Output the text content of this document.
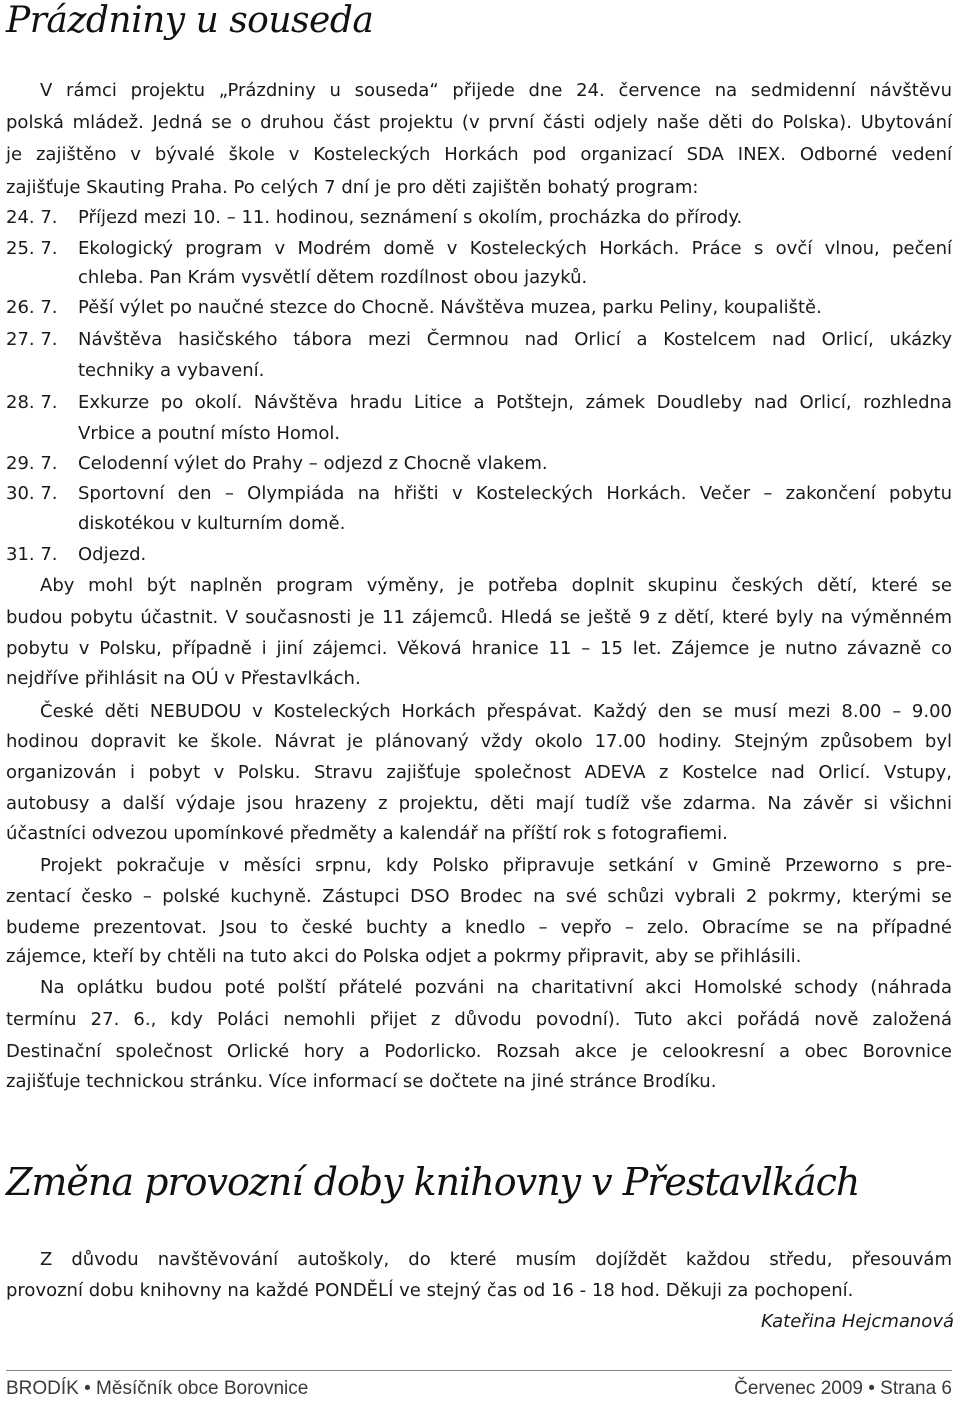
Prázdniny u souseda
V rámci projektu „Prázdniny u souseda“ přijede dne 24. července na sedmidenní návštěvu
polská mládež. Jedná se o druhou část projektu (v první části odjely naše děti do Polska). Ubytování
je zajištěno v bývalé škole v Kosteleckých Horkách pod organizací SDA INEX. Odborné vedení
zajišťuje Skauting Praha. Po celých 7 dní je pro děti zajištěn bohatý program:
24. 7. Příjezd mezi 10. – 11. hodinou, seznámení s okolím, procházka do přírody.
25. 7. Ekologický program v Modrém domě v Kosteleckých Horkách. Práce s ovčí vlnou, pečení
chleba. Pan Krám vysvětlí dětem rozdílnost obou jazyků.
26. 7. Pěší výlet po naučné stezce do Chocně. Návštěva muzea, parku Peliny, koupaliště.
27. 7. Návštěva hasičského tábora mezi Čermnou nad Orlicí a Kostelcem nad Orlicí, ukázky
techniky a vybavení.
28. 7. Exkurze po okolí. Návštěva hradu Litice a Potštejn, zámek Doudleby nad Orlicí, rozhledna
Vrbice a poutní místo Homol.
29. 7. Celodenní výlet do Prahy – odjezd z Chocně vlakem.
30. 7. Sportovní den – Olympiáda na hřišti v Kosteleckých Horkách. Večer – zakončení pobytu
diskotékou v kulturním domě.
31. 7. Odjezd.
Aby mohl být naplněn program výměny, je potřeba doplnit skupinu českých dětí, které se
budou pobytu účastnit. V současnosti je 11 zájemců. Hledá se ještě 9 z dětí, které byly na výměnném
pobytu v Polsku, případně i jiní zájemci. Věková hranice 11 – 15 let. Zájemce je nutno závazně co
nejdříve přihlásit na OÚ v Přestavlkách.
České děti NEBUDOU v Kosteleckých Horkách přespávat. Každý den se musí mezi 8.00 – 9.00
hodinou dopravit ke škole. Návrat je plánovaný vždy okolo 17.00 hodiny. Stejným způsobem byl
organizován i pobyt v Polsku. Stravu zajišťuje společnost ADEVA z Kostelce nad Orlicí. Vstupy,
autobusy a další výdaje jsou hrazeny z projektu, děti mají tudíž vše zdarma. Na závěr si všichni
účastníci odvezou upomínkové předměty a kalendář na příští rok s fotografiemi.
Projekt pokračuje v měsíci srpnu, kdy Polsko připravuje setkání v Gmině Przeworno s pre-
zentací česko – polské kuchyně. Zástupci DSO Brodec na své schůzi vybrali 2 pokrmy, kterými se
budeme prezentovat. Jsou to české buchty a knedlo – vepřo – zelo. Obracíme se na případné
zájemce, kteří by chtěli na tuto akci do Polska odjet a pokrmy připravit, aby se přihlásili.
Na oplátku budou poté polští přátelé pozváni na charitativní akci Homolské schody (náhrada
termínu 27. 6., kdy Poláci nemohli přijet z důvodu povodní). Tuto akci pořádá nově založená
Destinační společnost Orlické hory a Podorlicko. Rozsah akce je celookresní a obec Borovnice
zajišťuje technickou stránku. Více informací se dočtete na jiné stránce Brodíku.
Změna provozní doby knihovny v Přestavlkách
Z důvodu navštěvování autoškoly, do které musím dojíždět každou středu, přesouvám
provozní dobu knihovny na každé PONDĚLÍ ve stejný čas od 16 - 18 hod. Děkuji za pochopení.
Kateřina Hejcmanová
BRODÍK • Měsíčník obce Borovnice	Červenec 2009 • Strana 6
